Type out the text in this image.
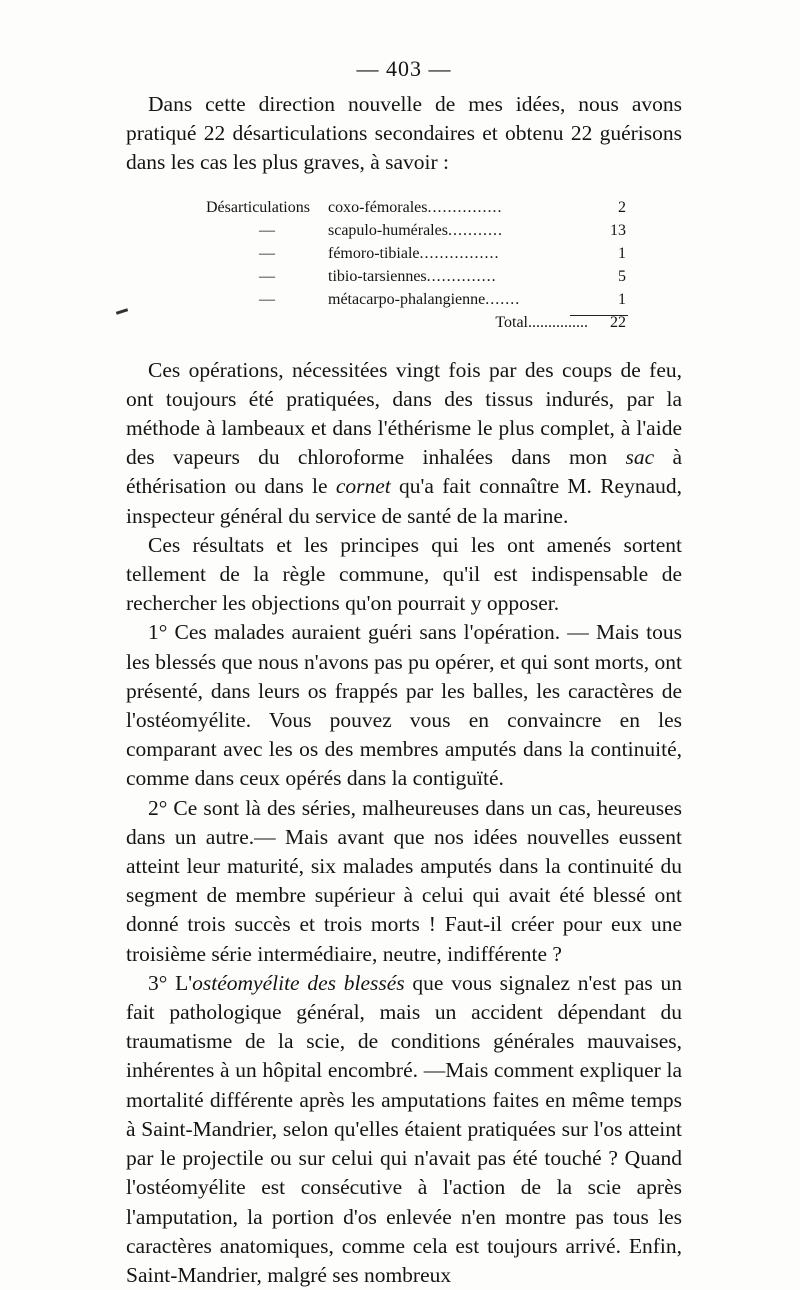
— 403 —

Dans cette direction nouvelle de mes idées, nous avons pratiqué 22 désarticulations secondaires et obtenu 22 guérisons dans les cas les plus graves, à savoir :

Désarticulations	coxo-fémorales...............	2
—	scapulo-humérales...........	13
—	fémoro-tibiale................	1
—	tibio-tarsiennes..............	5
—	métacarpo-phalangienne.......	1
	Total...............	22

Ces opérations, nécessitées vingt fois par des coups de feu, ont toujours été pratiquées, dans des tissus indurés, par la méthode à lambeaux et dans l'éthérisme le plus complet, à l'aide des vapeurs du chloroforme inhalées dans mon sac à éthérisation ou dans le cornet qu'a fait connaître M. Reynaud, inspecteur général du service de santé de la marine.

Ces résultats et les principes qui les ont amenés sortent tellement de la règle commune, qu'il est indispensable de rechercher les objections qu'on pourrait y opposer.

1° Ces malades auraient guéri sans l'opération. — Mais tous les blessés que nous n'avons pas pu opérer, et qui sont morts, ont présenté, dans leurs os frappés par les balles, les caractères de l'ostéomyélite. Vous pouvez vous en convaincre en les comparant avec les os des membres amputés dans la continuité, comme dans ceux opérés dans la contiguïté.

2° Ce sont là des séries, malheureuses dans un cas, heureuses dans un autre.— Mais avant que nos idées nouvelles eussent atteint leur maturité, six malades amputés dans la continuité du segment de membre supérieur à celui qui avait été blessé ont donné trois succès et trois morts ! Faut-il créer pour eux une troisième série intermédiaire, neutre, indifférente ?

3° L'ostéomyélite des blessés que vous signalez n'est pas un fait pathologique général, mais un accident dépendant du traumatisme de la scie, de conditions générales mauvaises, inhérentes à un hôpital encombré. —Mais comment expliquer la mortalité différente après les amputations faites en même temps à Saint-Mandrier, selon qu'elles étaient pratiquées sur l'os atteint par le projectile ou sur celui qui n'avait pas été touché ? Quand l'ostéomyélite est consécutive à l'action de la scie après l'amputation, la portion d'os enlevée n'en montre pas tous les caractères anatomiques, comme cela est toujours arrivé. Enfin, Saint-Mandrier, malgré ses nombreux
